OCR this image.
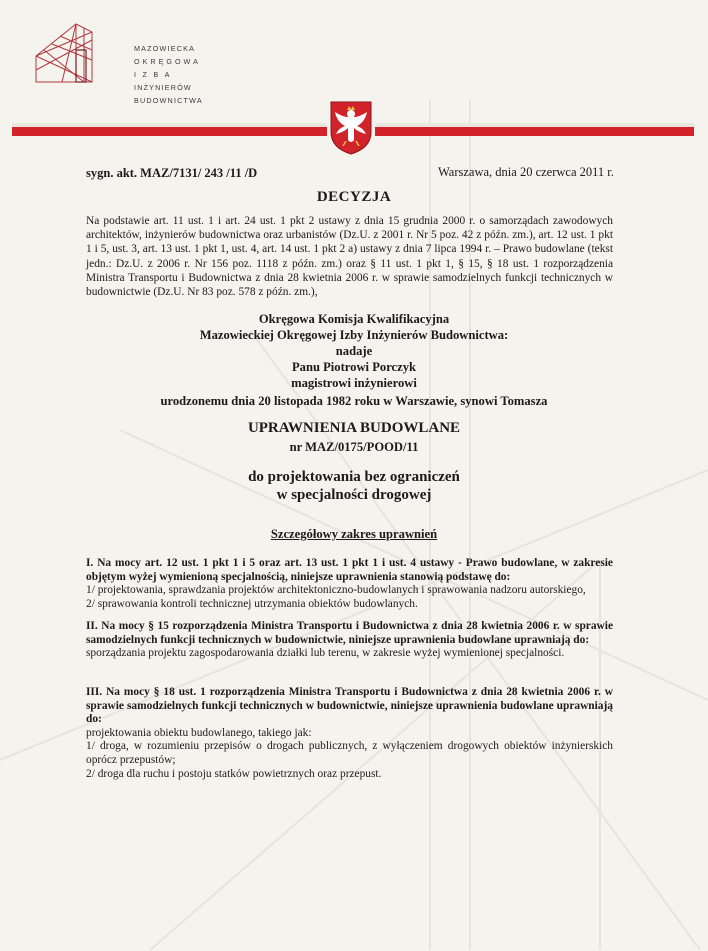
MAZOWIECKA
OKRĘGOWA
IZBA
INŻYNIERÓW
BUDOWNICTWA
sygn. akt. MAZ/7131/ 243 /11 /D	Warszawa, dnia 20 czerwca 2011 r.
DECYZJA
Na podstawie art. 11 ust. 1 i art. 24 ust. 1 pkt 2 ustawy z dnia 15 grudnia 2000 r. o samorządach zawodowych architektów, inżynierów budownictwa oraz urbanistów (Dz.U. z 2001 r. Nr 5 poz. 42 z późn. zm.), art. 12 ust. 1 pkt 1 i 5, ust. 3, art. 13 ust. 1 pkt 1, ust. 4, art. 14 ust. 1 pkt 2 a) ustawy z dnia 7 lipca 1994 r. – Prawo budowlane (tekst jedn.: Dz.U. z 2006 r. Nr 156 poz. 1118 z późn. zm.) oraz § 11 ust. 1 pkt 1, § 15, § 18 ust. 1 rozporządzenia Ministra Transportu i Budownictwa z dnia 28 kwietnia 2006 r. w sprawie samodzielnych funkcji technicznych w budownictwie (Dz.U. Nr 83 poz. 578 z późn. zm.),
Okręgowa Komisja Kwalifikacyjna
Mazowieckiej Okręgowej Izby Inżynierów Budownictwa:
nadaje
Panu Piotrowi Porczyk
magistrowi inżynierowi
urodzonemu dnia 20 listopada 1982 roku w Warszawie, synowi Tomasza
UPRAWNIENIA BUDOWLANE
nr MAZ/0175/POOD/11
do projektowania bez ograniczeń
w specjalności drogowej
Szczegółowy zakres uprawnień
I. Na mocy art. 12 ust. 1 pkt 1 i 5 oraz art. 13 ust. 1 pkt 1 i ust. 4 ustawy - Prawo budowlane, w zakresie objętym wyżej wymienioną specjalnością, niniejsze uprawnienia stanowią podstawę do:
1/ projektowania, sprawdzania projektów architektoniczno-budowlanych i sprawowania nadzoru autorskiego,
2/ sprawowania kontroli technicznej utrzymania obiektów budowlanych.
II. Na mocy § 15 rozporządzenia Ministra Transportu i Budownictwa z dnia 28 kwietnia 2006 r. w sprawie samodzielnych funkcji technicznych w budownictwie, niniejsze uprawnienia budowlane uprawniają do:
sporządzania projektu zagospodarowania działki lub terenu, w zakresie wyżej wymienionej specjalności.
III. Na mocy § 18 ust. 1 rozporządzenia Ministra Transportu i Budownictwa z dnia 28 kwietnia 2006 r. w sprawie samodzielnych funkcji technicznych w budownictwie, niniejsze uprawnienia budowlane uprawniają do:
projektowania obiektu budowlanego, takiego jak:
1/ droga, w rozumieniu przepisów o drogach publicznych, z wyłączeniem drogowych obiektów inżynierskich oprócz przepustów;
2/ droga dla ruchu i postoju statków powietrznych oraz przepust.
